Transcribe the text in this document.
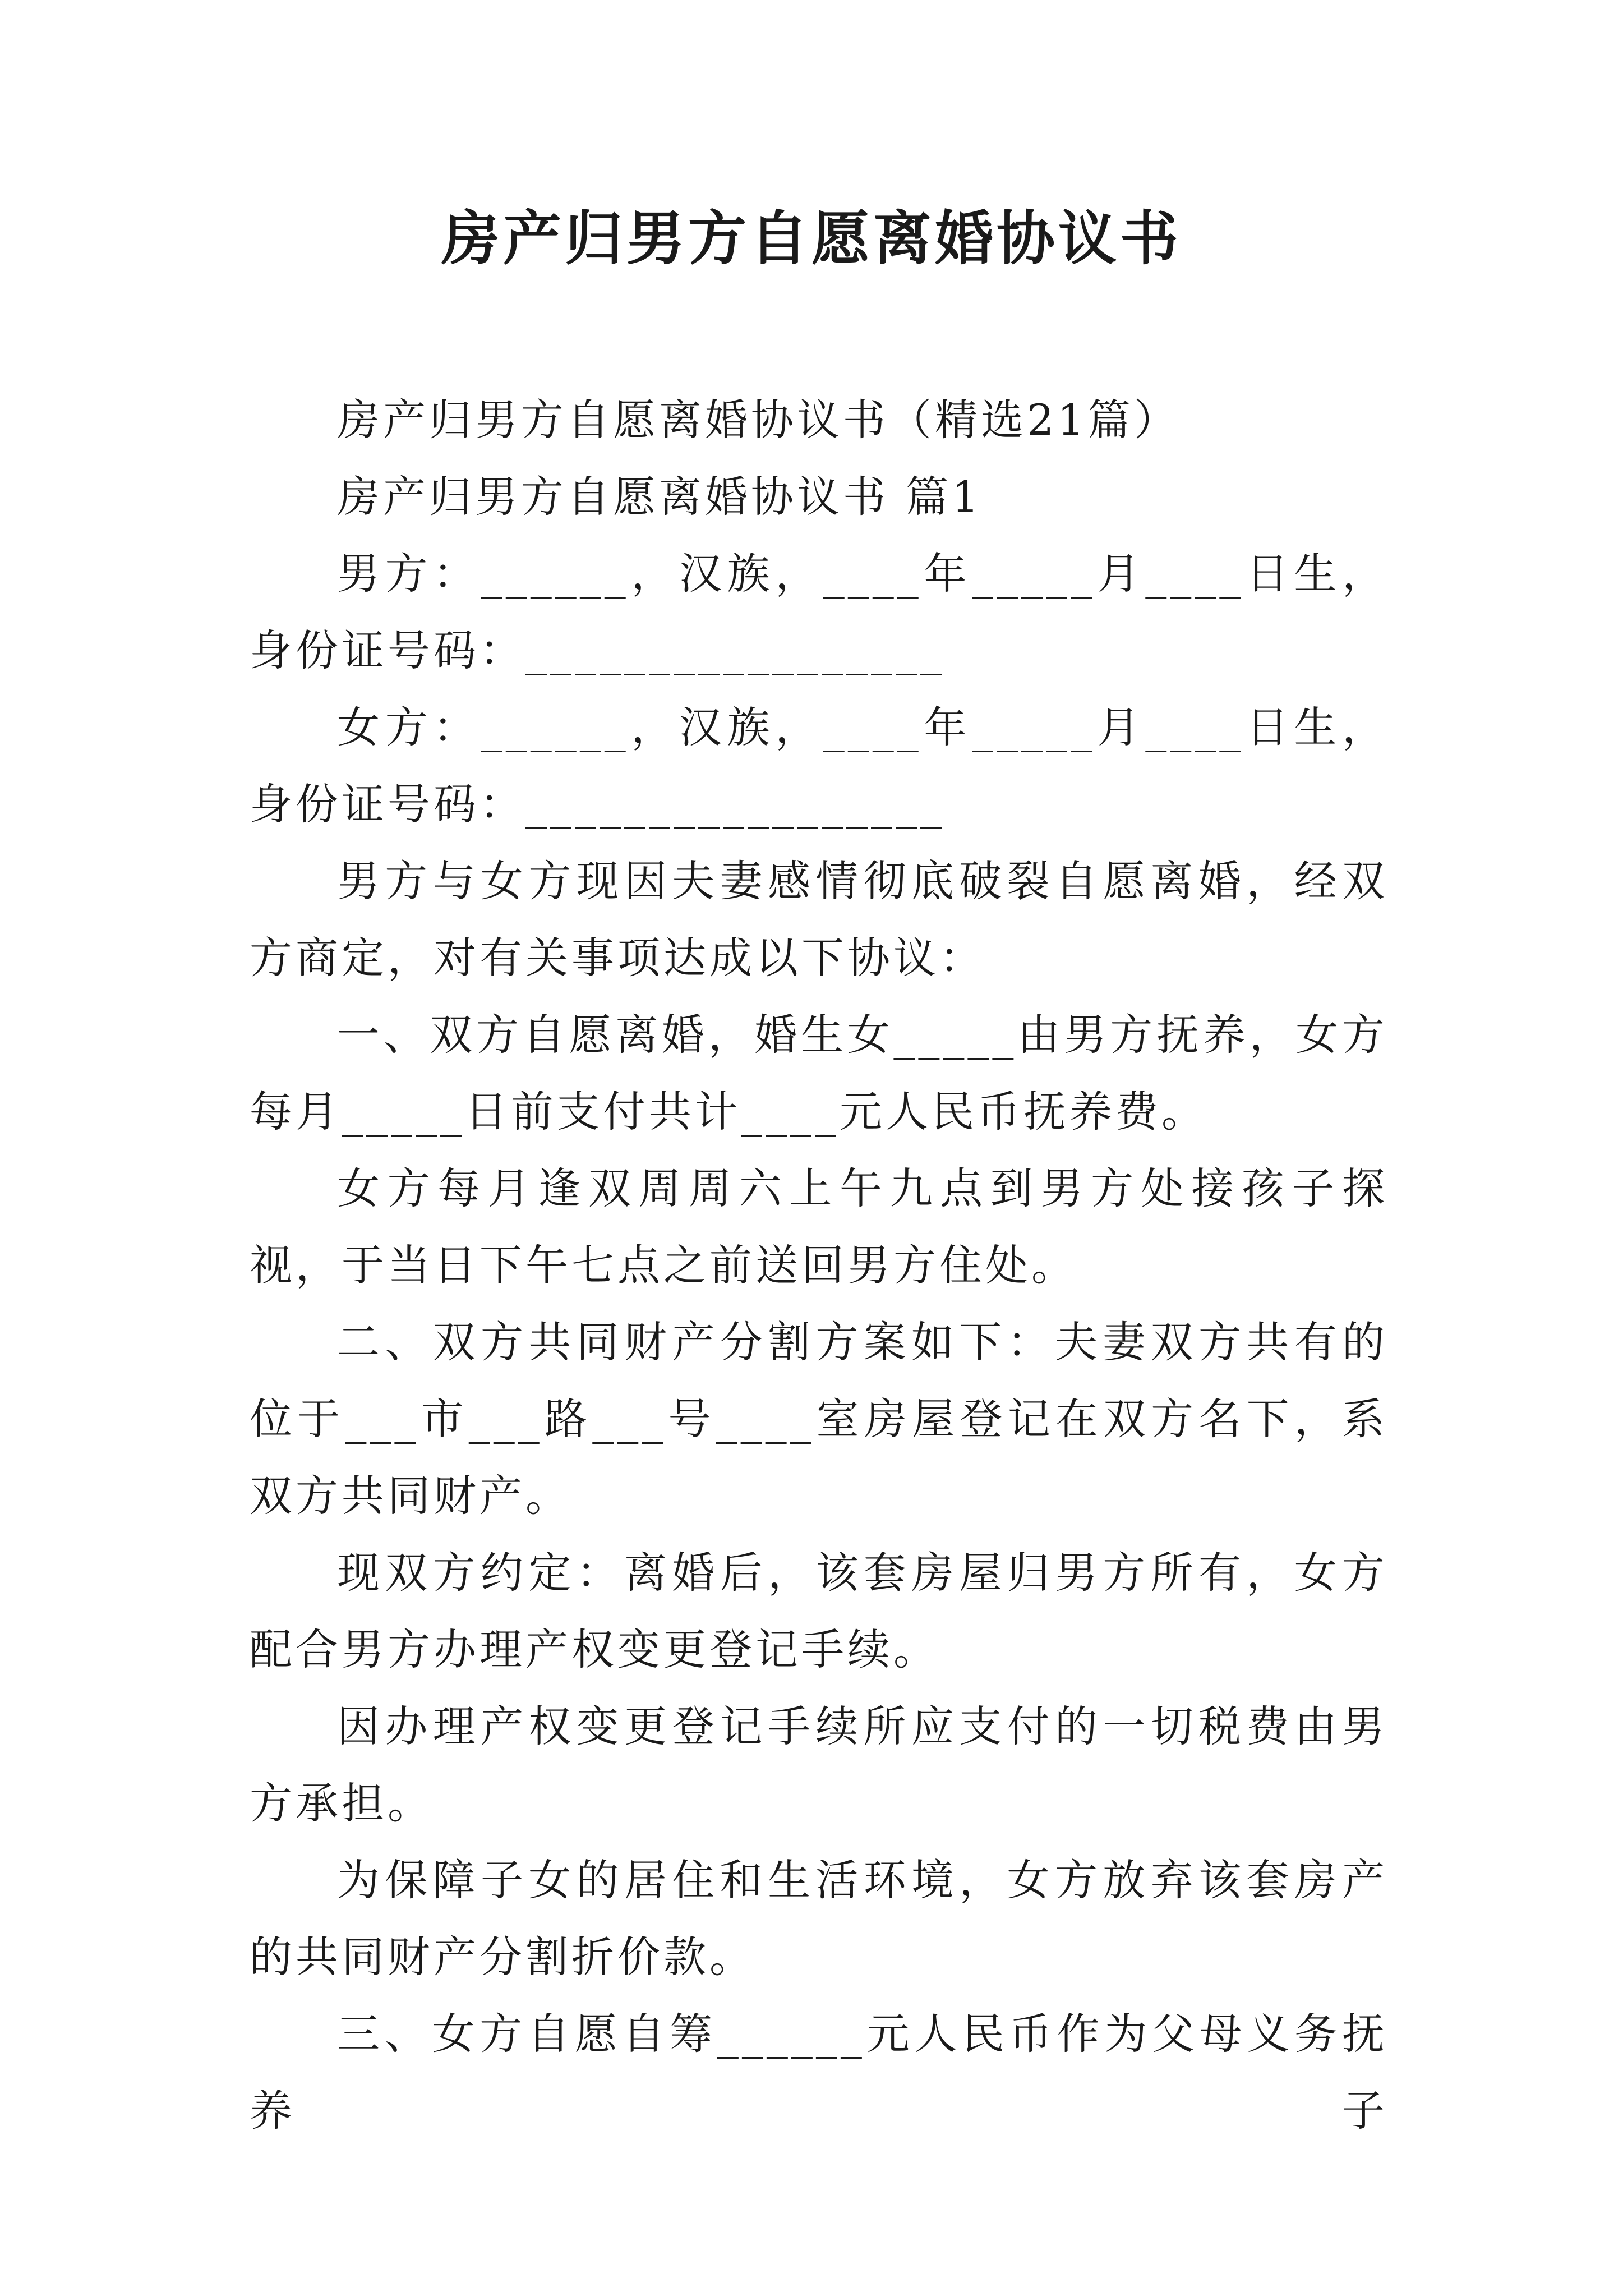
房产归男方自愿离婚协议书

房产归男方自愿离婚协议书（精选21篇）

房产归男方自愿离婚协议书 篇1

男方：______，汉族，____年_____月____日生，身份证号码：_________________

女方：______，汉族，____年_____月____日生，身份证号码：_________________

男方与女方现因夫妻感情彻底破裂自愿离婚，经双方商定，对有关事项达成以下协议：

一、双方自愿离婚，婚生女_____由男方抚养，女方每月_____日前支付共计____元人民币抚养费。

女方每月逢双周周六上午九点到男方处接孩子探视，于当日下午七点之前送回男方住处。

二、双方共同财产分割方案如下：夫妻双方共有的位于___市___路___号____室房屋登记在双方名下，系双方共同财产。

现双方约定：离婚后，该套房屋归男方所有，女方配合男方办理产权变更登记手续。

因办理产权变更登记手续所应支付的一切税费由男方承担。

为保障子女的居住和生活环境，女方放弃该套房产的共同财产分割折价款。

三、女方自愿自筹______元人民币作为父母义务抚养子
